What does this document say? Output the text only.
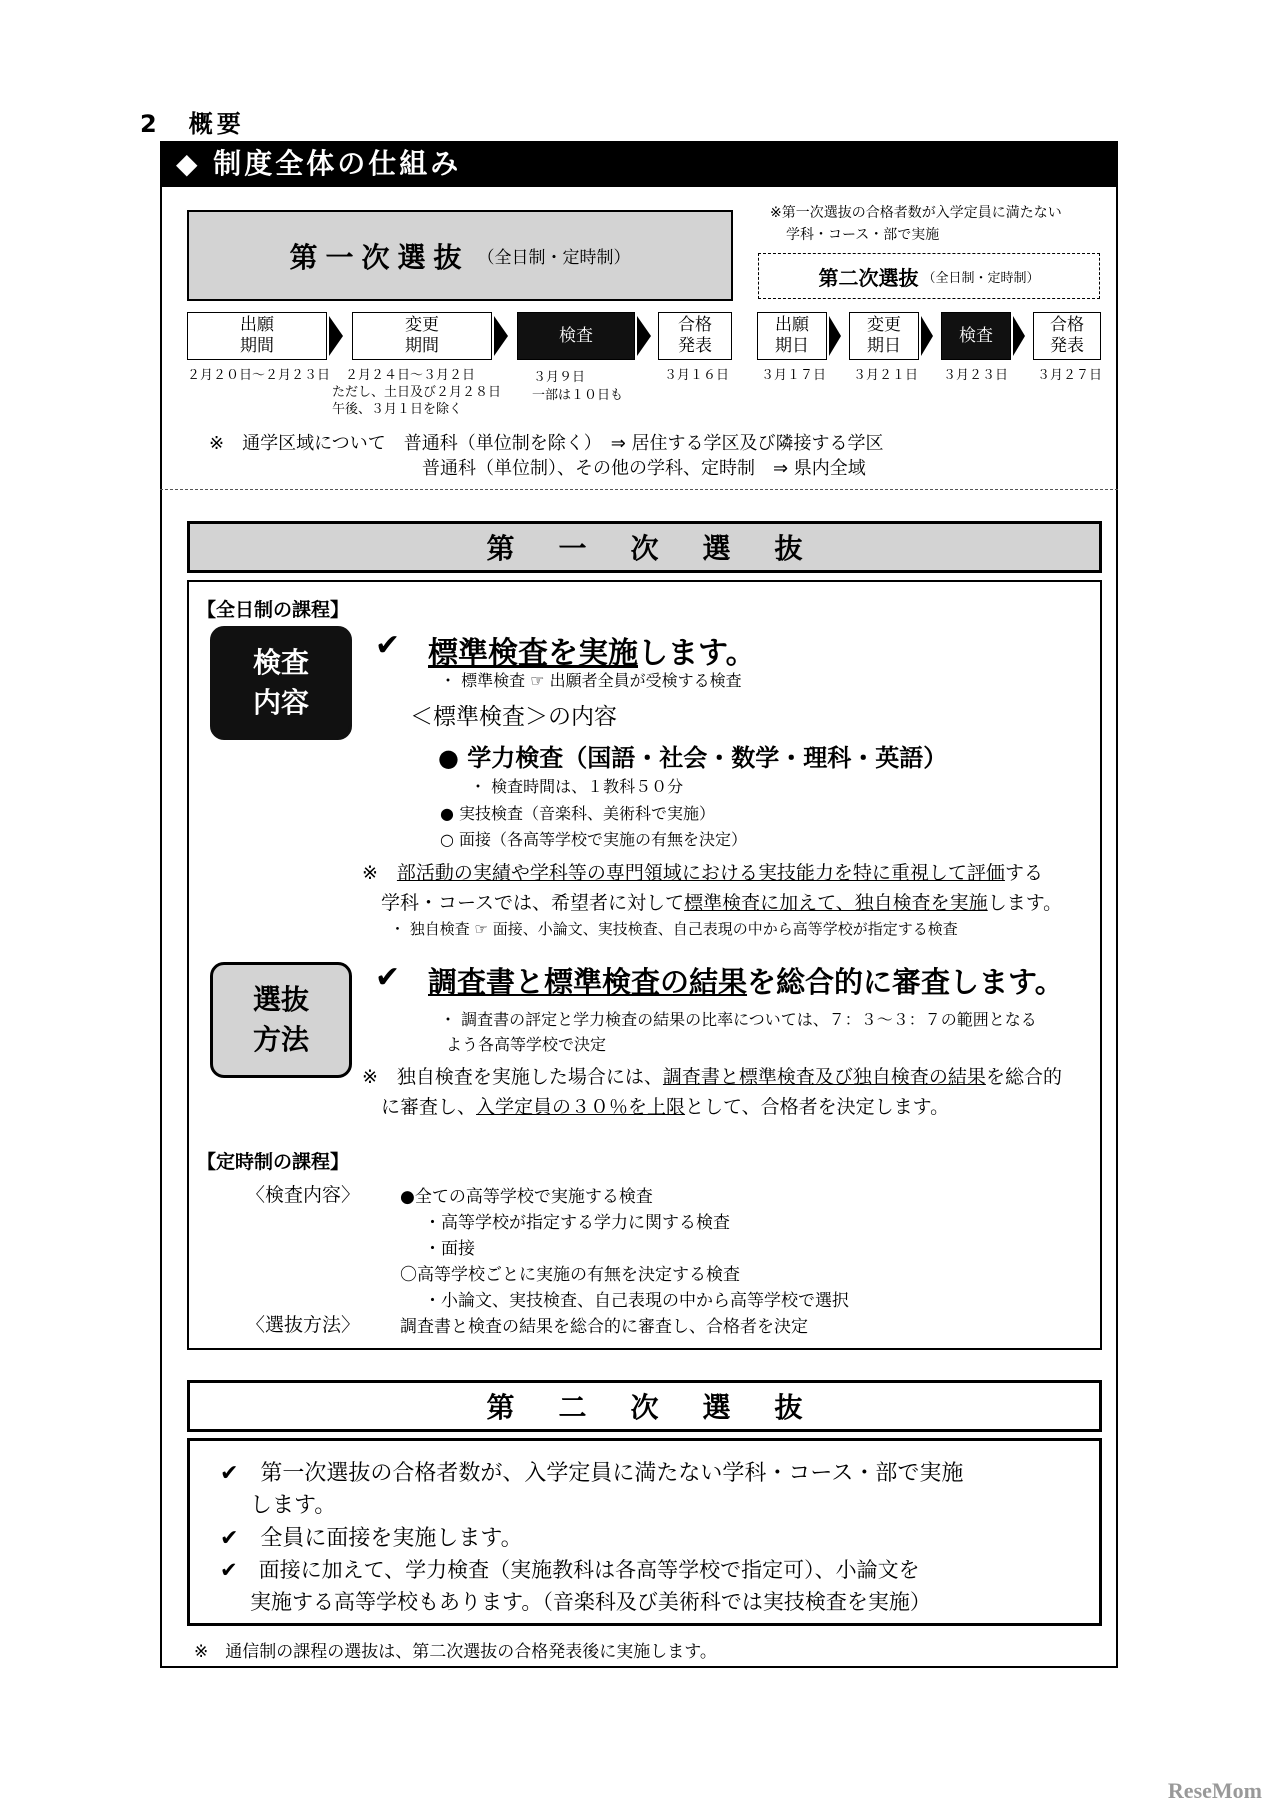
2　概要
◆ 制度全体の仕組み
第一次選抜 （全日制・定時制）
※第一次選抜の合格者数が入学定員に満たない
学科・コース・部で実施
第二次選抜 （全日制・定時制）
出願
期間
変更
期間
検査
合格
発表
出願
期日
変更
期日
検査
合格
発表
２月２０日～２月２３日 ２月２４日～３月２日
ただし、土日及び２月２８日
午後、３月１日を除く
３月９日
一部は１０日も
３月１６日 ３月１７日 ３月２１日 ３月２３日 ３月２７日
※　通学区域について　普通科（単位制を除く）　⇒ 居住する学区及び隣接する学区
普通科（単位制）、その他の学科、定時制　⇒ 県内全域
第一次選抜
【全日制の課程】
検査
内容
✔ 標準検査を実施します。
・ 標準検査 ☞ 出願者全員が受検する検査
＜標準検査＞の内容
● 学力検査（国語・社会・数学・理科・英語）
・ 検査時間は、１教科５０分
● 実技検査（音楽科、美術科で実施）
○ 面接（各高等学校で実施の有無を決定）
※　部活動の実績や学科等の専門領域における実技能力を特に重視して評価する
学科・コースでは、希望者に対して標準検査に加えて、独自検査を実施します。
・ 独自検査 ☞ 面接、小論文、実技検査、自己表現の中から高等学校が指定する検査
選抜
方法
✔ 調査書と標準検査の結果を総合的に審査します。
・ 調査書の評定と学力検査の結果の比率については、７：３～３：７の範囲となる
よう各高等学校で決定
※　独自検査を実施した場合には、調査書と標準検査及び独自検査の結果を総合的
に審査し、入学定員の３０％を上限として、合格者を決定します。
【定時制の課程】
〈検査内容〉 ●全ての高等学校で実施する検査
・高等学校が指定する学力に関する検査
・面接
〇高等学校ごとに実施の有無を決定する検査
・小論文、実技検査、自己表現の中から高等学校で選択
〈選抜方法〉 調査書と検査の結果を総合的に審査し、合格者を決定
第二次選抜
✔　第一次選抜の合格者数が、入学定員に満たない学科・コース・部で実施
します。
✔　全員に面接を実施します。
✔　面接に加えて、学力検査（実施教科は各高等学校で指定可）、小論文を
実施する高等学校もあります。（音楽科及び美術科では実技検査を実施）
※　通信制の課程の選抜は、第二次選抜の合格発表後に実施します。
ReseMom
